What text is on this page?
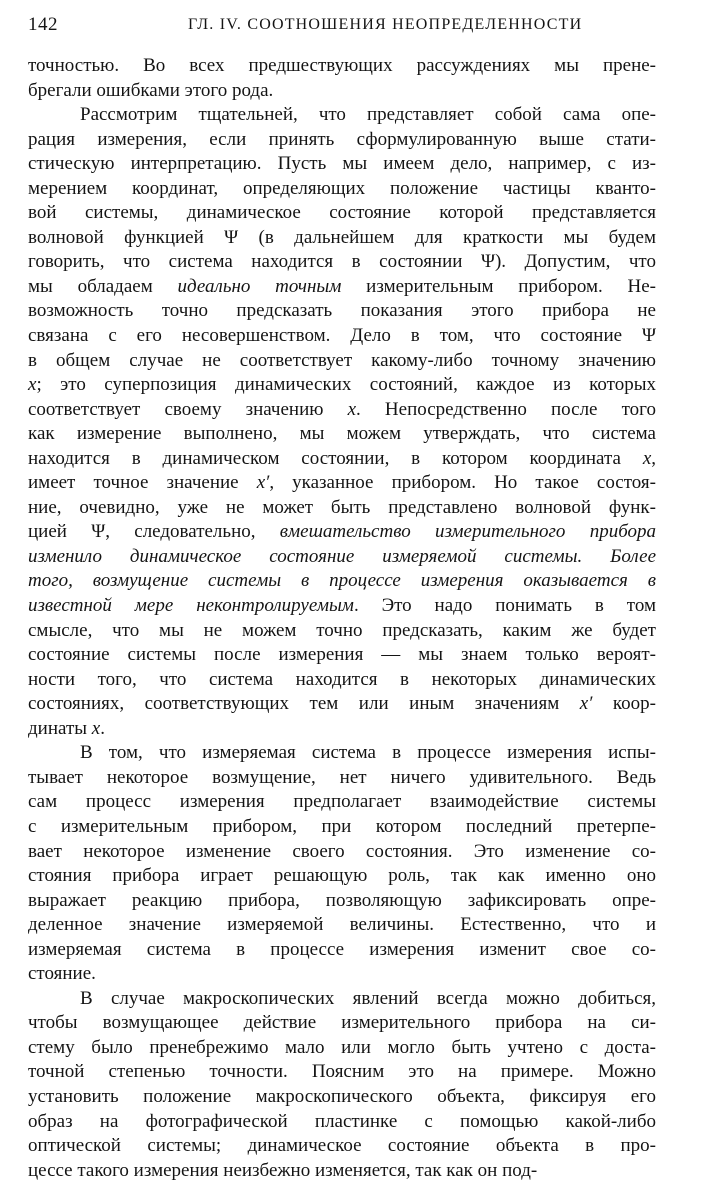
142	ГЛ. IV. СООТНОШЕНИЯ НЕОПРЕДЕЛЕННОСТИ
точностью. Во всех предшествующих рассуждениях мы прене-
брегали ошибками этого рода.
Рассмотрим тщательней, что представляет собой сама опе-
рация измерения, если принять сформулированную выше стати-
стическую интерпретацию. Пусть мы имеем дело, например, с из-
мерением координат, определяющих положение частицы кванто-
вой системы, динамическое состояние которой представляется
волновой функцией Ψ (в дальнейшем для краткости мы будем
говорить, что система находится в состоянии Ψ). Допустим, что
мы обладаем идеально точным измерительным прибором. Не-
возможность точно предсказать показания этого прибора не
связана с его несовершенством. Дело в том, что состояние Ψ
в общем случае не соответствует какому-либо точному значению
x; это суперпозиция динамических состояний, каждое из которых
соответствует своему значению x. Непосредственно после того
как измерение выполнено, мы можем утверждать, что система
находится в динамическом состоянии, в котором координата x,
имеет точное значение x′, указанное прибором. Но такое состоя-
ние, очевидно, уже не может быть представлено волновой функ-
цией Ψ, следовательно, вмешательство измерительного прибора
изменило динамическое состояние измеряемой системы. Более
того, возмущение системы в процессе измерения оказывается в
известной мере неконтролируемым. Это надо понимать в том
смысле, что мы не можем точно предсказать, каким же будет
состояние системы после измерения — мы знаем только вероят-
ности того, что система находится в некоторых динамических
состояниях, соответствующих тем или иным значениям x′ коор-
динаты x.
В том, что измеряемая система в процессе измерения испы-
тывает некоторое возмущение, нет ничего удивительного. Ведь
сам процесс измерения предполагает взаимодействие системы
с измерительным прибором, при котором последний претерпе-
вает некоторое изменение своего состояния. Это изменение со-
стояния прибора играет решающую роль, так как именно оно
выражает реакцию прибора, позволяющую зафиксировать опре-
деленное значение измеряемой величины. Естественно, что и
измеряемая система в процессе измерения изменит свое со-
стояние.
В случае макроскопических явлений всегда можно добиться,
чтобы возмущающее действие измерительного прибора на си-
стему было пренебрежимо мало или могло быть учтено с доста-
точной степенью точности. Поясним это на примере. Можно
установить положение макроскопического объекта, фиксируя его
образ на фотографической пластинке с помощью какой-либо
оптической системы; динамическое состояние объекта в про-
цессе такого измерения неизбежно изменяется, так как он под-
